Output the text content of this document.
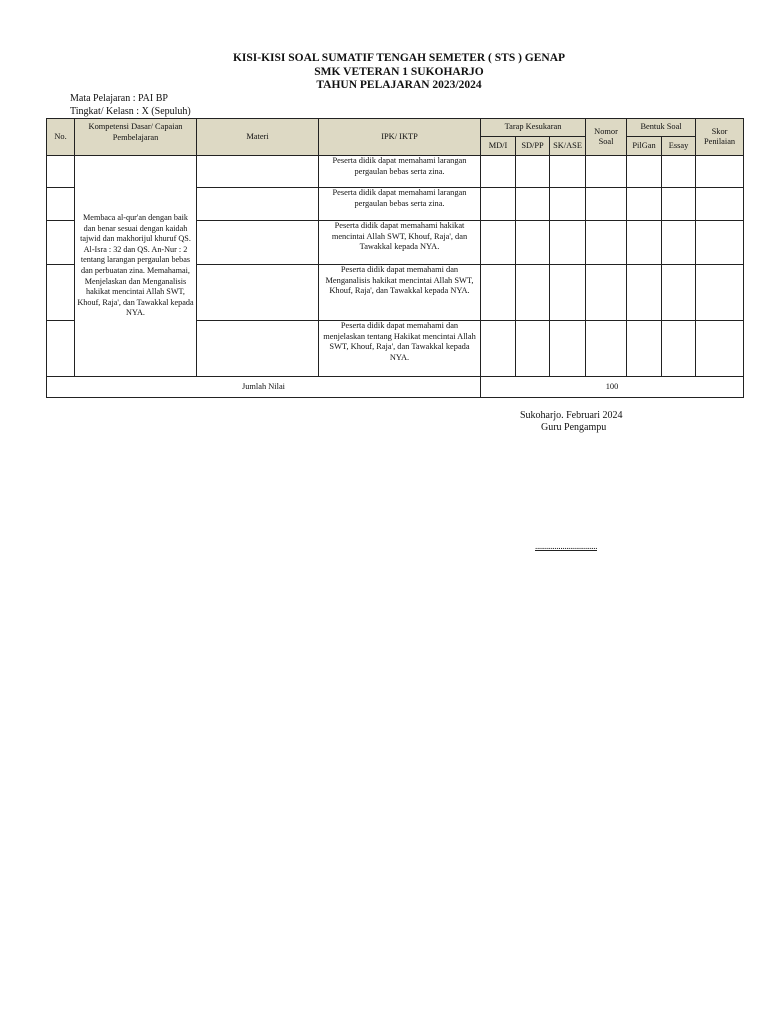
KISI-KISI SOAL SUMATIF TENGAH SEMETER ( STS ) GENAP
SMK VETERAN 1 SUKOHARJO
TAHUN PELAJARAN 2023/2024
Mata Pelajaran : PAI BP
Tingkat/ Kelasn : X (Sepuluh)
No.	Kompetensi Dasar/ Capaian Pembelajaran	Materi	IPK/ IKTP	Tarap Kesukaran			Nomor Soal	Bentuk Soal		Skor Penilaian
				MD/I	SD/PP	SK/ASE		PilGan	Essay	
	Membaca al-qur'an dengan baik dan benar sesuai dengan kaidah tajwid dan makhorijul khuruf QS. Al-Isra : 32 dan QS. An-Nur : 2 tentang larangan pergaulan bebas dan perbuatan zina. Memahamai, Menjelaskan dan Menganalisis hakikat mencintai Allah SWT, Khouf, Raja', dan Tawakkal kepada NYA.		Peserta didik dapat memahami larangan pergaulan bebas serta zina.							
			Peserta didik dapat memahami larangan pergaulan bebas serta zina.							
			Peserta didik dapat memahami hakikat mencintai Allah SWT, Khouf, Raja', dan Tawakkal kepada NYA.							
			Peserta didik dapat memahami dan Menganalisis hakikat mencintai Allah SWT, Khouf, Raja', dan Tawakkal kepada NYA.							
			Peserta didik dapat memahami dan menjelaskan tentang Hakikat mencintai Allah SWT, Khouf, Raja', dan Tawakkal kepada NYA.							
Jumlah Nilai				100						
Sukoharjo. Februari 2024
Guru Pengampu
................................
